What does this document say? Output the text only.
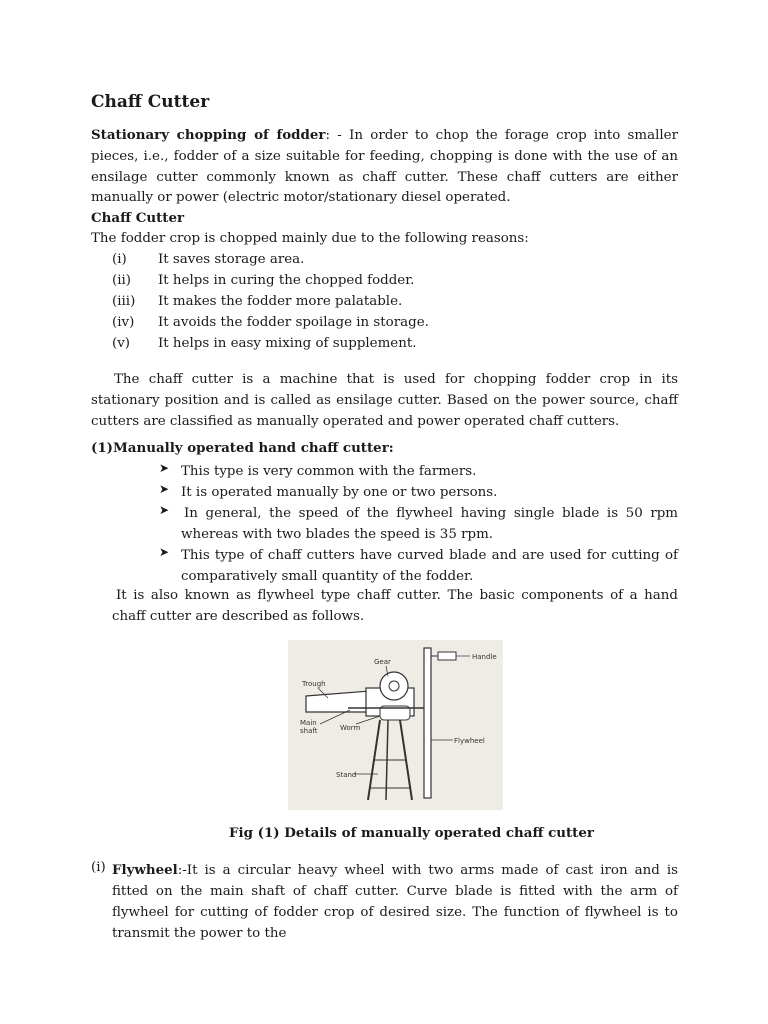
Chaff Cutter
Stationary chopping of fodder: - In order to chop the forage crop into smaller pieces, i.e., fodder of a size suitable for feeding, chopping is done with the use of an ensilage cutter commonly known as chaff cutter. These chaff cutters are either manually or power (electric motor/stationary diesel operated.
Chaff Cutter
The fodder crop is chopped mainly due to the following reasons:
(i) It saves storage area.
(ii) It helps in curing the chopped fodder.
(iii) It makes the fodder more palatable.
(iv) It avoids the fodder spoilage in storage.
(v) It helps in easy mixing of supplement.
The chaff cutter is a machine that is used for chopping fodder crop in its stationary position and is called as ensilage cutter. Based on the power source, chaff cutters are classified as manually operated and power operated chaff cutters.
(1)Manually operated hand chaff cutter:
➤ This type is very common with the farmers.
➤ It is operated manually by one or two persons.
➤ In general, the speed of the flywheel having single blade is 50 rpm whereas with two blades the speed is 35 rpm.
➤ This type of chaff cutters have curved blade and are used for cutting of comparatively small quantity of the fodder.
It is also known as flywheel type chaff cutter. The basic components of a hand chaff cutter are described as follows.
Handle
Gear
Trough
Main
shaft	Worm
Flywheel
Stand
Fig (1) Details of manually operated chaff cutter
(i) Flywheel:-It is a circular heavy wheel with two arms made of cast iron and is fitted on the main shaft of chaff cutter. Curve blade is fitted with the arm of flywheel for cutting of fodder crop of desired size. The function of flywheel is to transmit the power to the
